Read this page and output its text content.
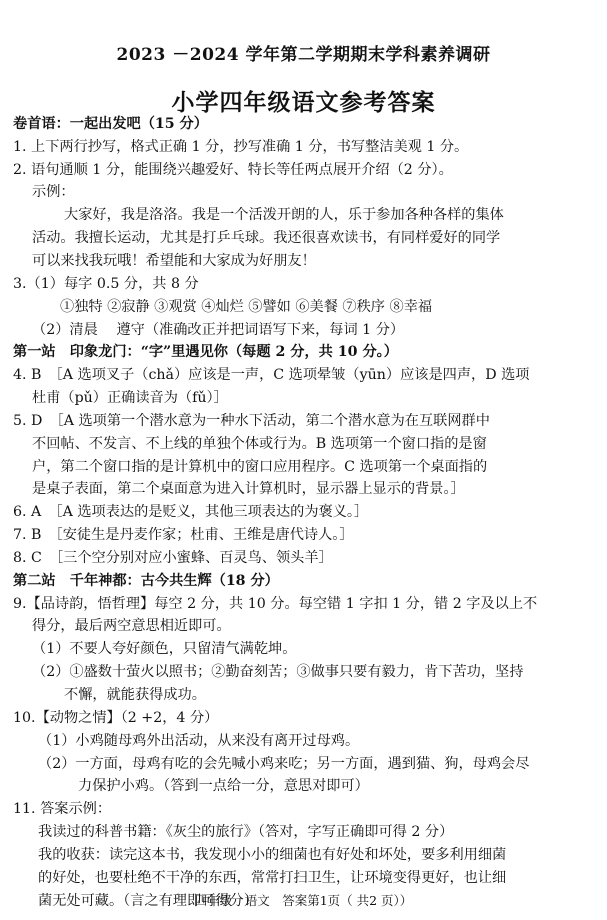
2023 －2024 学年第二学期期末学科素养调研
小学四年级语文参考答案
卷首语：一起出发吧（15 分）
1. 上下两行抄写，格式正确 1 分，抄写准确 1 分，书写整洁美观 1 分。
2. 语句通顺 1 分，能围绕兴趣爱好、特长等任两点展开介绍（2 分）。
示例：
大家好，我是洛洛。我是一个活泼开朗的人，乐于参加各种各样的集体
活动。我擅长运动，尤其是打乒乓球。我还很喜欢读书，有同样爱好的同学
可以来找我玩哦！希望能和大家成为好朋友！
3.（1）每字 0.5 分，共 8 分
①独特 ②寂静 ③观赏 ④灿烂 ⑤譬如 ⑥美餐 ⑦秩序 ⑧幸福
（2）清晨　 遵守（准确改正并把词语写下来，每词 1 分）
第一站　印象龙门：“字”里遇见你（每题 2 分，共 10 分。）
4. B　［A 选项叉子（chǎ）应该是一声，C 选项晕皱（yūn）应该是四声，D 选项
杜甫（pǔ）正确读音为（fǔ）］
5. D　［A 选项第一个潜水意为一种水下活动，第二个潜水意为在互联网群中
不回帖、不发言、不上线的单独个体或行为。B 选项第一个窗口指的是窗
户，第二个窗口指的是计算机中的窗口应用程序。C 选项第一个桌面指的
是桌子表面，第二个桌面意为进入计算机时，显示器上显示的背景。］
6. A　［A 选项表达的是贬义，其他三项表达的为褒义。］
7. B　［安徒生是丹麦作家；杜甫、王维是唐代诗人。］
8. C　［三个空分别对应小蜜蜂、百灵鸟、领头羊］
第二站　千年神都：古今共生辉（18 分）
9.【品诗韵，悟哲理】每空 2 分，共 10 分。每空错 1 字扣 1 分，错 2 字及以上不
得分，最后两空意思相近即可。
（1）不要人夸好颜色，只留清气满乾坤。
（2）①盛数十萤火以照书；②勤奋刻苦；③做事只要有毅力，肯下苦功，坚持
不懈，就能获得成功。
10.【动物之情】（2 +2，4 分）
（1）小鸡随母鸡外出活动，从来没有离开过母鸡。
（2）一方面，母鸡有吃的会先喊小鸡来吃；另一方面，遇到猫、狗，母鸡会尽
力保护小鸡。（答到一点给一分，意思对即可）
11. 答案示例：
我读过的科普书籍：《灰尘的旅行》（答对，字写正确即可得 2 分）
我的收获：读完这本书，我发现小小的细菌也有好处和坏处，要多利用细菌
的好处，也要杜绝不干净的东西，常常打扫卫生，让环境变得更好，也让细
菌无处可藏。（言之有理即可得分）
四年级　语文　答案第1页（ 共2 页））
